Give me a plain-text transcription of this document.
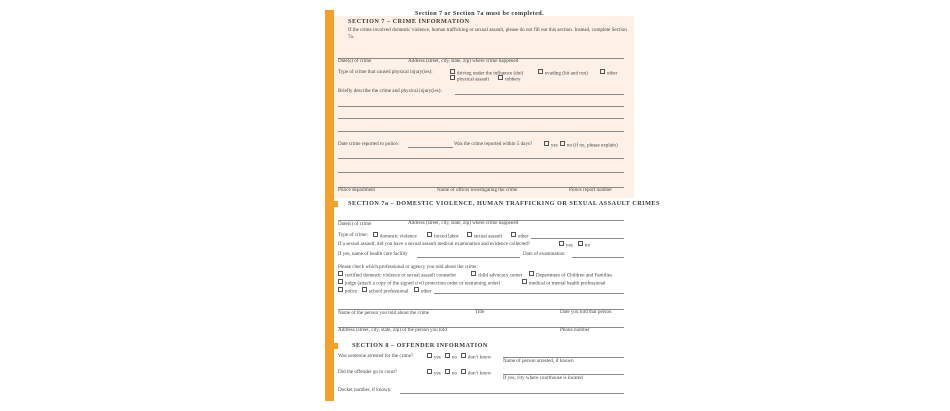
Section 7 or Section 7a must be completed.
SECTION 7 – CRIME INFORMATION
If the crime involved domestic violence, human trafficking or sexual assault, please do not fill out this section. Instead, complete Section 7a.
Date(s) of crime	Address (street, city, state, zip) where crime happened
Type of crime that caused physical injury(ies):	driving under the influence (dui)	evading (hit and run)	other
physical assault	robbery
Briefly describe the crime and physical injury(ies):
Date crime reported to police:	Was the crime reported within 5 days?	yes	no (if no, please explain)
Police department	Name of officer investigating the crime	Police report number
SECTION 7a – DOMESTIC VIOLENCE, HUMAN TRAFFICKING OR SEXUAL ASSAULT CRIMES
Date(s) of crime	Address (street, city, state, zip) where crime happened
Type of crime:	domestic violence	forced labor	sexual assault	other
If a sexual assault, did you have a sexual assault medical examination and evidence collected?	yes	no
If yes, name of health care facility	Date of examination
Please check which professional or agency you told about the crime:
certified domestic violence or sexual assault counselor	child advocacy center	Department of Children and Families
judge (attach a copy of the signed civil protection order or restraining order)	medical or mental health professional
police	school professional	other
Name of the person you told about the crime	Title	Date you told that person
Address (street, city, state, zip) of the person you told	Phone number
SECTION 8 – OFFENDER INFORMATION
Was someone arrested for the crime?	yes	no	don’t know
Name of person arrested, if known
Did the offender go to court?	yes	no	don’t know
If yes, city where courthouse is located
Docket number, if known:
